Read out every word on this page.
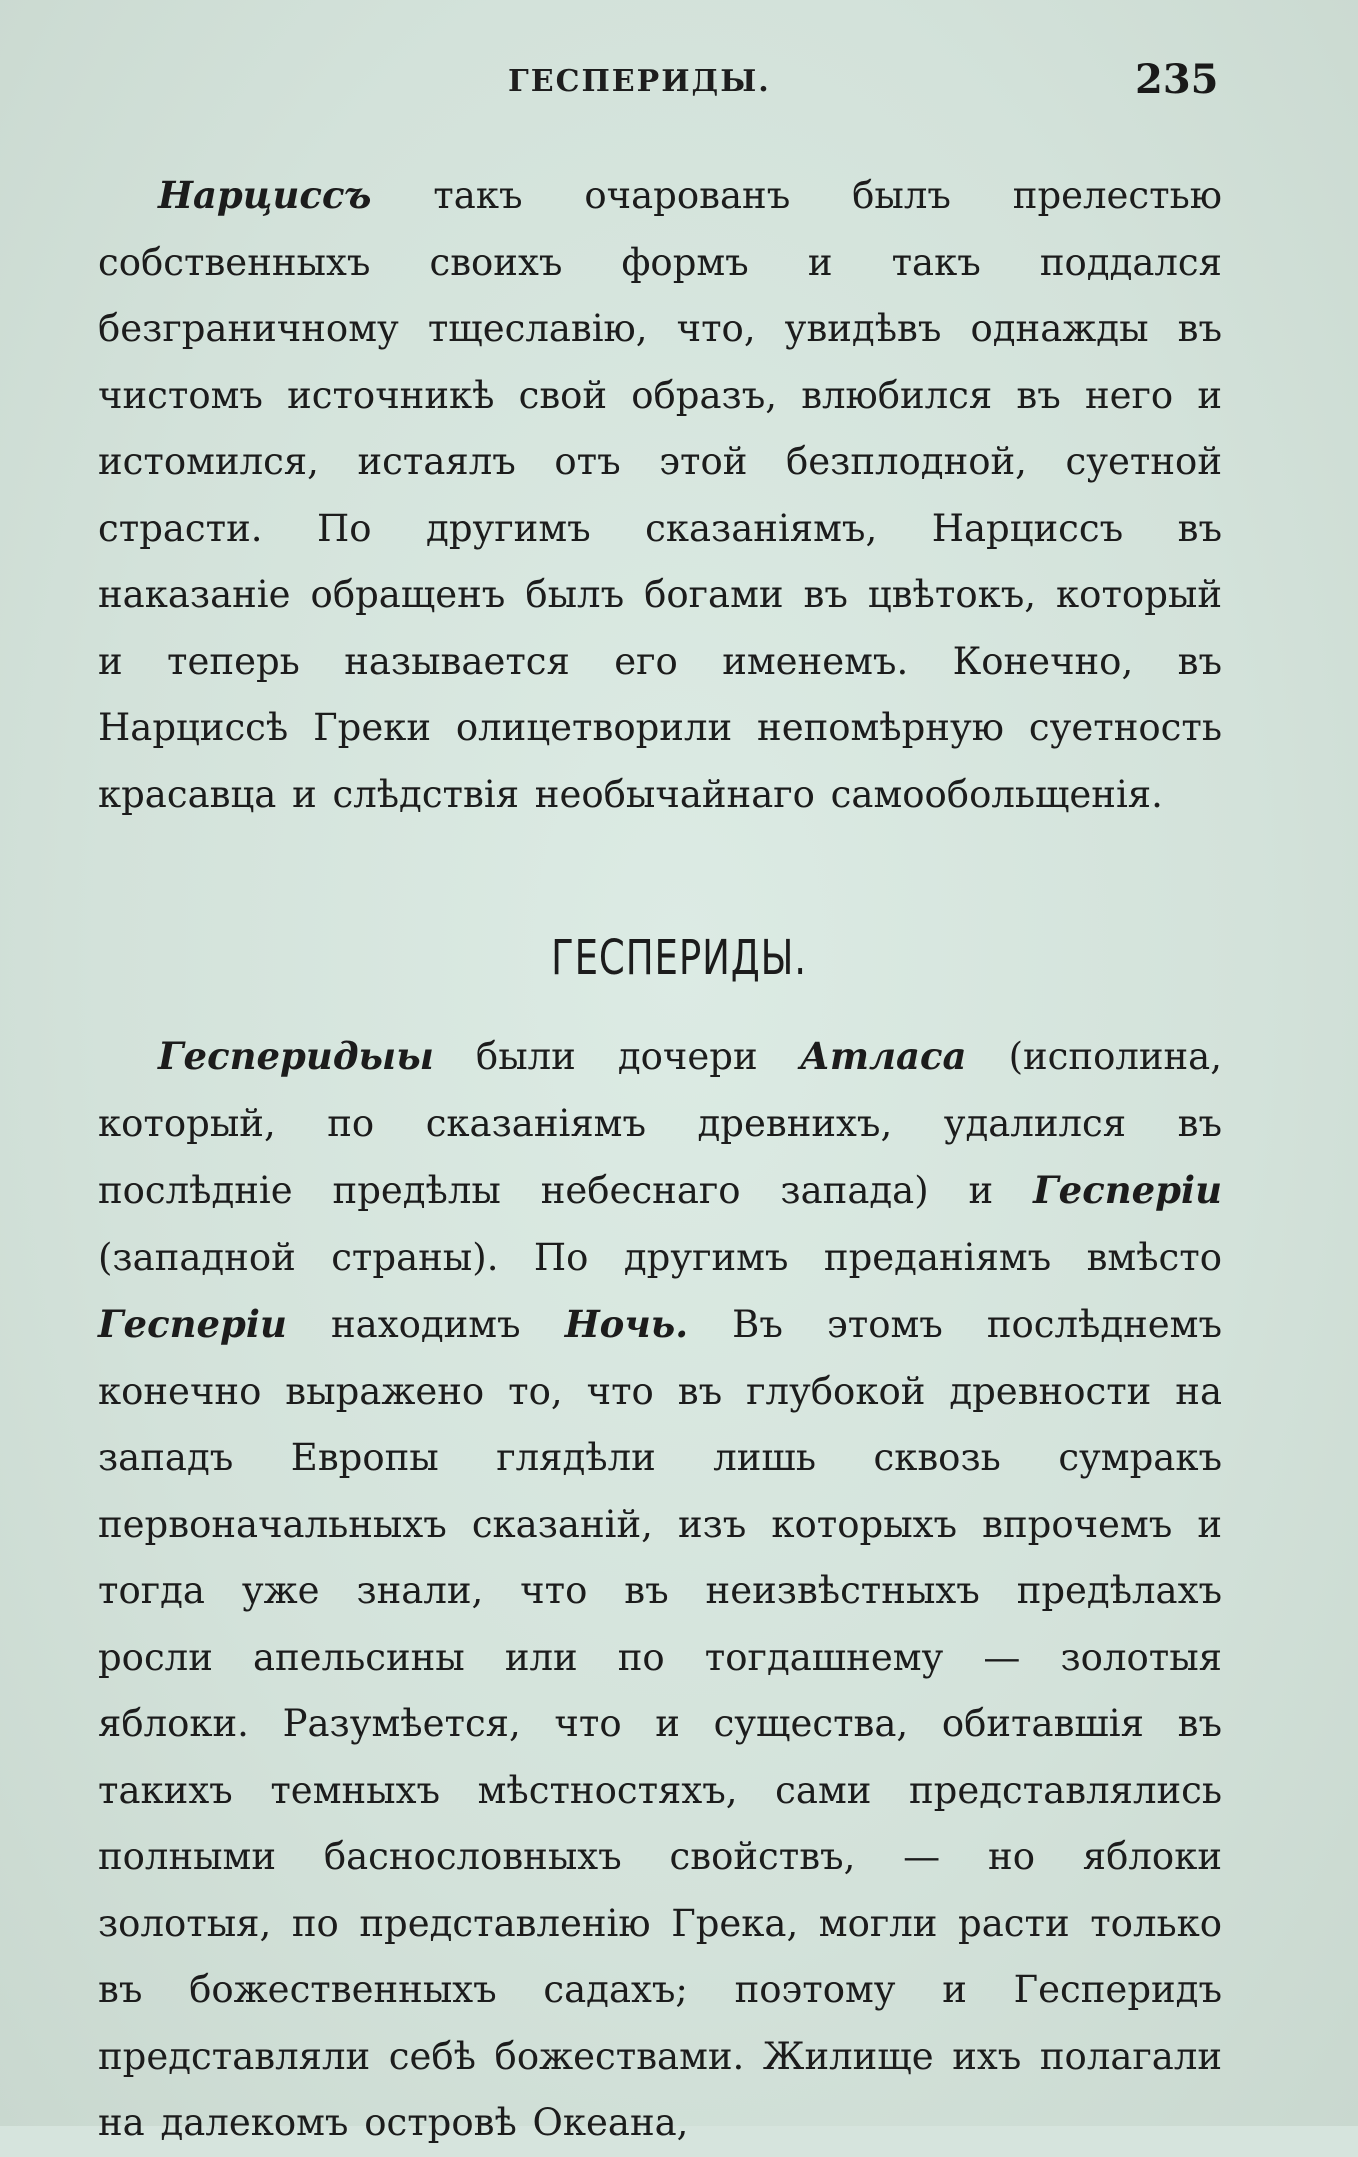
ГЕСПЕРИДЫ.	235
Нарциссъ такъ очарованъ былъ прелестью собственныхъ своихъ формъ и такъ поддался безграничному тщеславію, что, увидѣвъ однажды въ чистомъ источникѣ свой образъ, влюбился въ него и истомился, истаялъ отъ этой безплодной, суетной страсти. По другимъ сказаніямъ, Нарциссъ въ наказаніе обращенъ былъ богами въ цвѣтокъ, который и теперь называется его именемъ. Конечно, въ Нарциссѣ Греки олицетворили непомѣрную суетность красавца и слѣдствія необычайнаго самообольщенія.
ГЕСПЕРИДЫ.
Гесперидыы были дочери Атласа (исполина, который, по сказаніямъ древнихъ, удалился въ послѣдніе предѣлы небеснаго запада) и Гесперіи (западной страны). По другимъ преданіямъ вмѣсто Гесперіи находимъ Ночь. Въ этомъ послѣднемъ конечно выражено то, что въ глубокой древности на западъ Европы глядѣли лишь сквозь сумракъ первоначальныхъ сказаній, изъ которыхъ впрочемъ и тогда уже знали, что въ неизвѣстныхъ предѣлахъ росли апельсины или по тогдашнему — золотыя яблоки. Разумѣется, что и существа, обитавшія въ такихъ темныхъ мѣстностяхъ, сами представлялись полными баснословныхъ свойствъ, — но яблоки золотыя, по представленію Грека, могли расти только въ божественныхъ садахъ; поэтому и Гесперидъ представляли себѣ божествами. Жилище ихъ полагали на далекомъ островѣ Океана,
